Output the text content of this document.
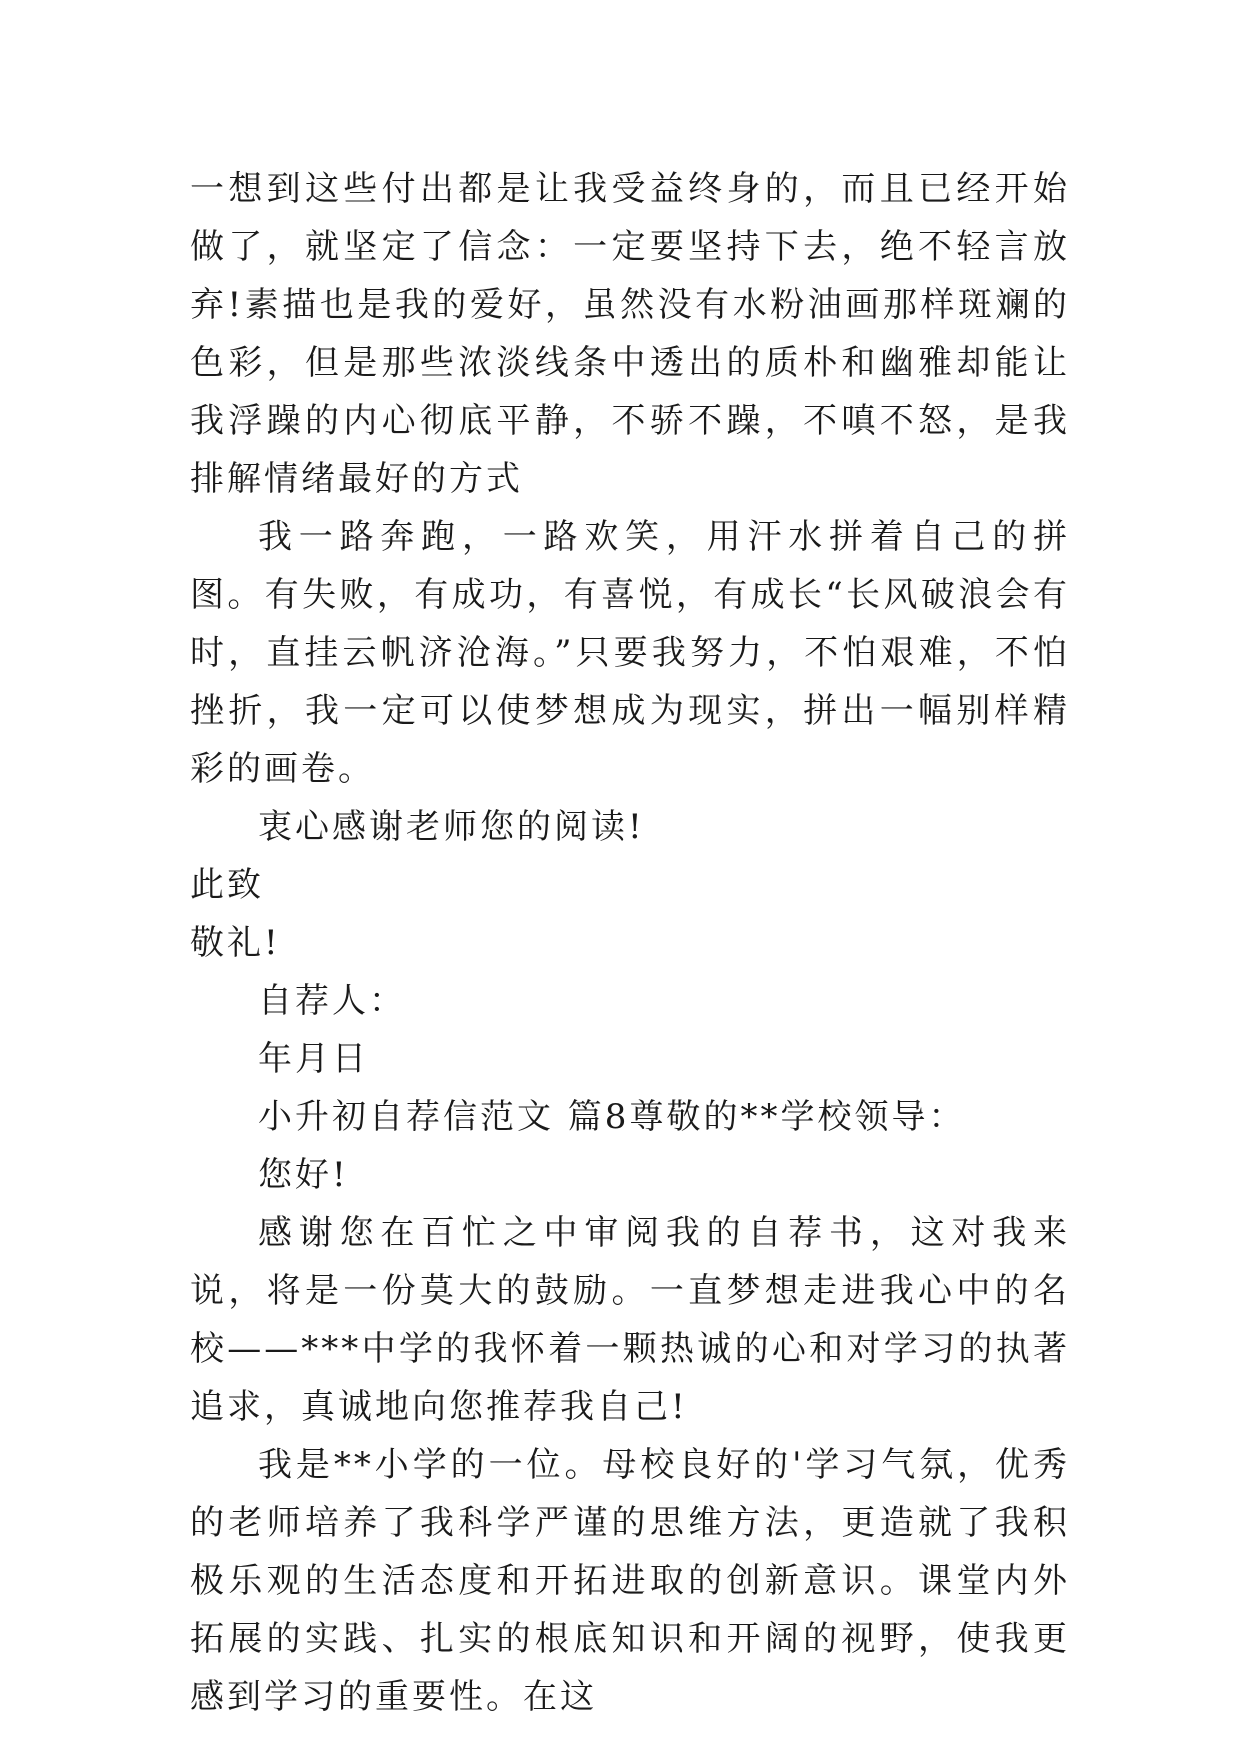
一想到这些付出都是让我受益终身的，而且已经开始做了，就坚定了信念：一定要坚持下去，绝不轻言放弃!素描也是我的爱好，虽然没有水粉油画那样斑斓的色彩，但是那些浓淡线条中透出的质朴和幽雅却能让我浮躁的内心彻底平静，不骄不躁，不嗔不怒，是我排解情绪最好的方式

我一路奔跑，一路欢笑，用汗水拼着自己的拼图。有失败，有成功，有喜悦，有成长“长风破浪会有时，直挂云帆济沧海。”只要我努力，不怕艰难，不怕挫折，我一定可以使梦想成为现实，拼出一幅别样精彩的画卷。

衷心感谢老师您的阅读!

此致

敬礼!

自荐人：

年月日

小升初自荐信范文 篇8尊敬的**学校领导：

您好!

感谢您在百忙之中审阅我的自荐书，这对我来说，将是一份莫大的鼓励。一直梦想走进我心中的名校——***中学的我怀着一颗热诚的心和对学习的执著追求，真诚地向您推荐我自己!

我是**小学的一位。母校良好的'学习气氛，优秀的老师培养了我科学严谨的思维方法，更造就了我积极乐观的生活态度和开拓进取的创新意识。课堂内外拓展的实践、扎实的根底知识和开阔的视野，使我更感到学习的重要性。在这
